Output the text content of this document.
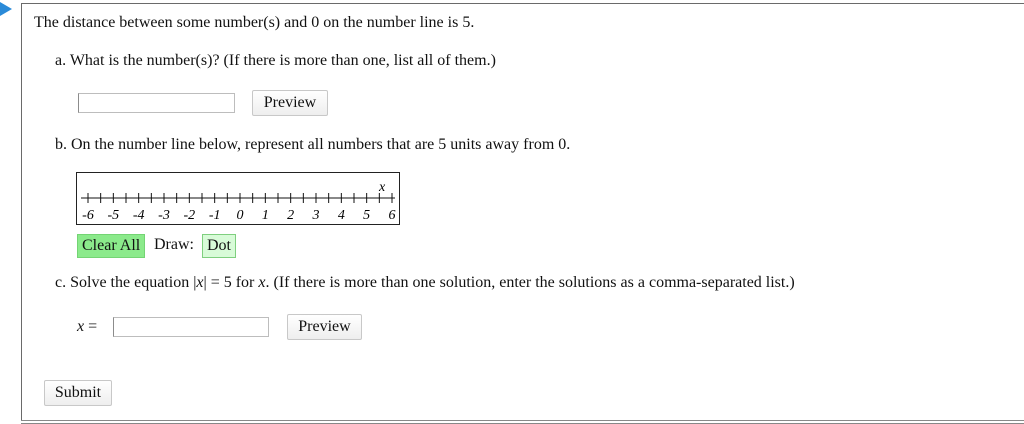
The distance between some number(s) and 0 on the number line is 5.
a. What is the number(s)? (If there is more than one, list all of them.)
Preview
b. On the number line below, represent all numbers that are 5 units away from 0.
x
-6 -5 -4 -3 -2 -1 0 1 2 3 4 5 6
Clear All Draw: Dot
c. Solve the equation |x| = 5 for x. (If there is more than one solution, enter the solutions as a comma-separated list.)
x =	Preview
Submit
